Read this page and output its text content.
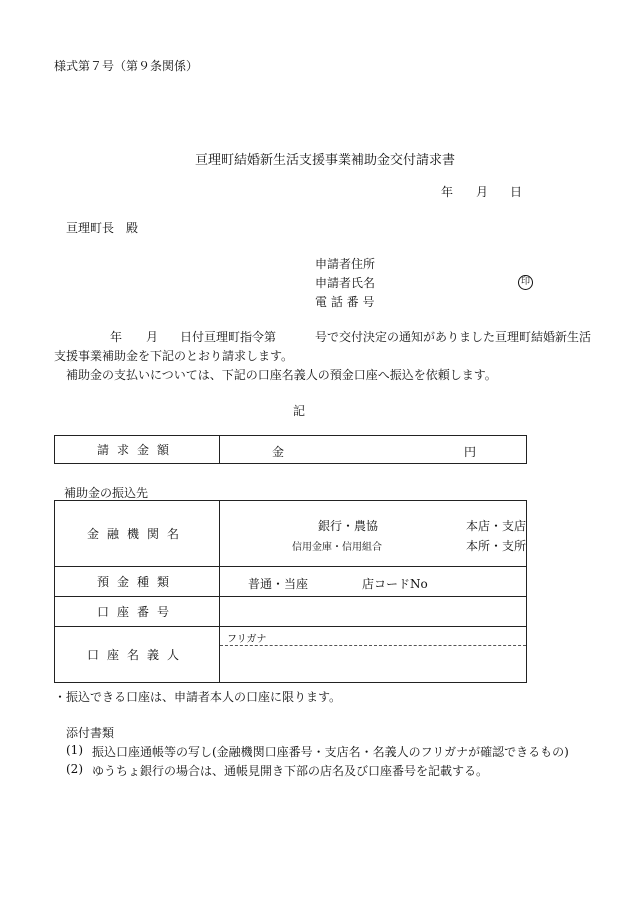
様式第７号（第９条関係）
亘理町結婚新生活支援事業補助金交付請求書
年 月 日
亘理町長　殿
申請者住所
申請者氏名	印
電 話 番 号
年 月 日付亘理町指令第	号で交付決定の通知がありました亘理町結婚新生活
支援事業補助金を下記のとおり請求します。
補助金の支払いについては、下記の口座名義人の預金口座へ振込を依頼します。
記
請求金額	金	円
補助金の振込先
金融機関名	銀行・農協
信用金庫・信用組合
本店・支店
本所・支所

預金種類	普通・当座 店コードNo

口座番号	
口座名義人	フリガナ
・振込できる口座は、申請者本人の口座に限ります。
添付書類
(1) 振込口座通帳等の写し(金融機関口座番号・支店名・名義人のフリガナが確認できるもの)
(2) ゆうちょ銀行の場合は、通帳見開き下部の店名及び口座番号を記載する。
